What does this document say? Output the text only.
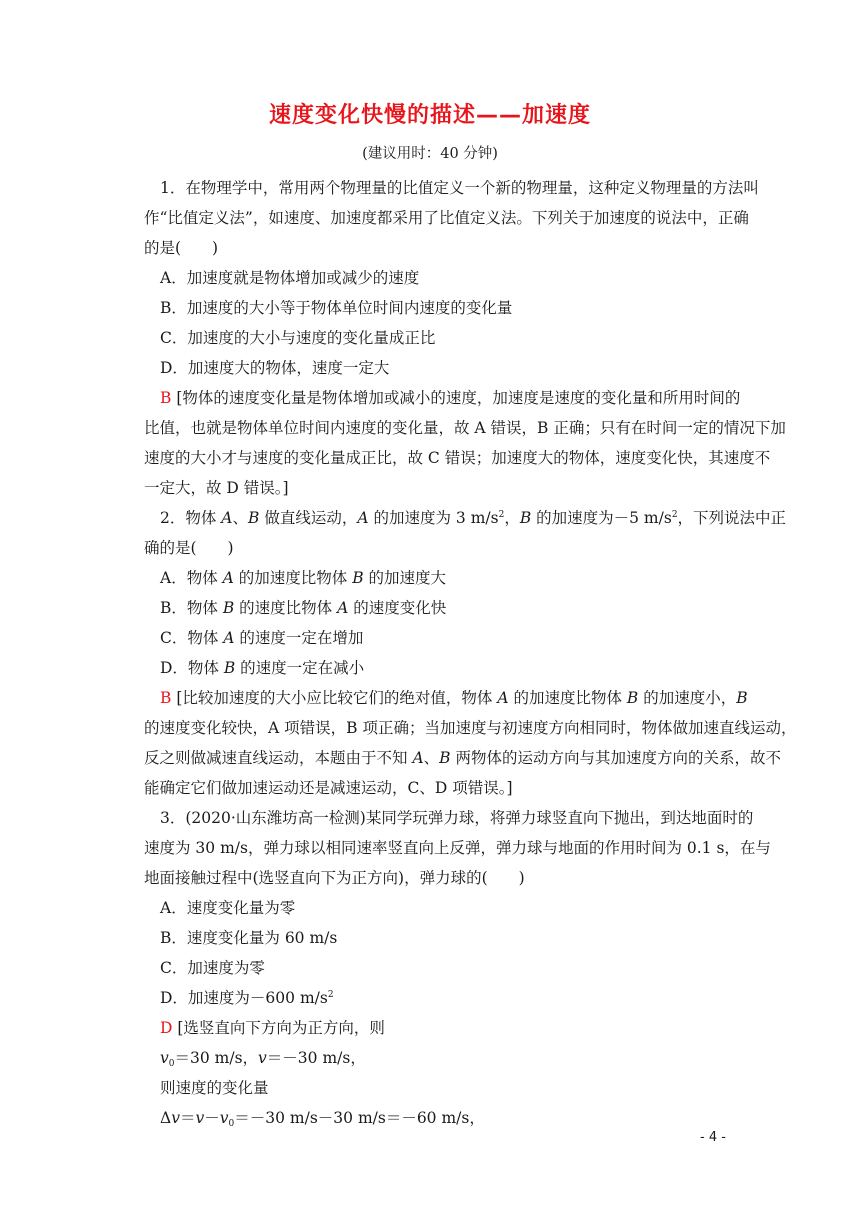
速度变化快慢的描述——加速度
(建议用时：40 分钟)
1．在物理学中，常用两个物理量的比值定义一个新的物理量，这种定义物理量的方法叫
作“比值定义法”，如速度、加速度都采用了比值定义法。下列关于加速度的说法中，正确
的是(　　)
A．加速度就是物体增加或减少的速度
B．加速度的大小等于物体单位时间内速度的变化量
C．加速度的大小与速度的变化量成正比
D．加速度大的物体，速度一定大
B [物体的速度变化量是物体增加或减小的速度，加速度是速度的变化量和所用时间的
比值，也就是物体单位时间内速度的变化量，故 A 错误，B 正确；只有在时间一定的情况下加
速度的大小才与速度的变化量成正比，故 C 错误；加速度大的物体，速度变化快，其速度不
一定大，故 D 错误。]
2．物体 A、B 做直线运动，A 的加速度为 3 $m/s^2$，B 的加速度为－5 $m/s^2$，下列说法中正
确的是(　　)
A．物体 A 的加速度比物体 B 的加速度大
B．物体 B 的速度比物体 A 的速度变化快
C．物体 A 的速度一定在增加
D．物体 B 的速度一定在减小
B [比较加速度的大小应比较它们的绝对值，物体 A 的加速度比物体 B 的加速度小，B
的速度变化较快，A 项错误，B 项正确；当加速度与初速度方向相同时，物体做加速直线运动，
反之则做减速直线运动，本题由于不知 A、B 两物体的运动方向与其加速度方向的关系，故不
能确定它们做加速运动还是减速运动，C、D 项错误。]
3．(2020·山东潍坊高一检测)某同学玩弹力球，将弹力球竖直向下抛出，到达地面时的
速度为 30 m/s，弹力球以相同速率竖直向上反弹，弹力球与地面的作用时间为 0.1 s，在与
地面接触过程中(选竖直向下为正方向)，弹力球的(　　)
A．速度变化量为零
B．速度变化量为 60 m/s
C．加速度为零
D．加速度为－600 $m/s^2$
D [选竖直向下方向为正方向，则
$v_0=30$ m/s，v＝－30 m/s，
则速度的变化量
$\Delta v=v-v_0=-30$ m/s－30 m/s＝－60 m/s，
- 4 -
